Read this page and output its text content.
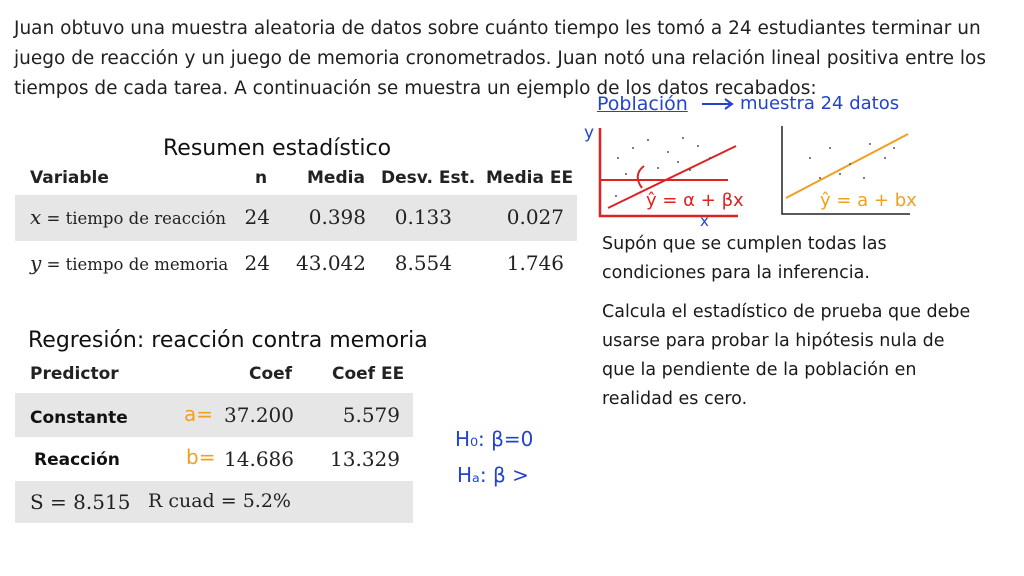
Juan obtuvo una muestra aleatoria de datos sobre cuánto tiempo les tomó a 24 estudiantes terminar un juego de reacción y un juego de memoria cronometrados. Juan notó una relación lineal positiva entre los tiempos de cada tarea. A continuación se muestra un ejemplo de los datos recabados:
Resumen estadístico
Variable	n Media Desv. Est. Media EE
x = tiempo de reacción 24	0.398	0.133	0.027
y = tiempo de memoria 24	43.042	8.554	1.746
Regresión: reacción contra memoria
Predictor	Coef Coef EE
Constante	a= 37.200	5.579
Reacción	b= 14.686	13.329
S = 8.515 R cuad = 5.2%
Población	muestra 24 datos
y
x
ŷ = α + βx	ŷ = a + bx
Supón que se cumplen todas las
condiciones para la inferencia.
Calcula el estadístico de prueba que debe
usarse para probar la hipótesis nula de
que la pendiente de la población en
realidad es cero.
H₀: β=0
Hₐ: β >
